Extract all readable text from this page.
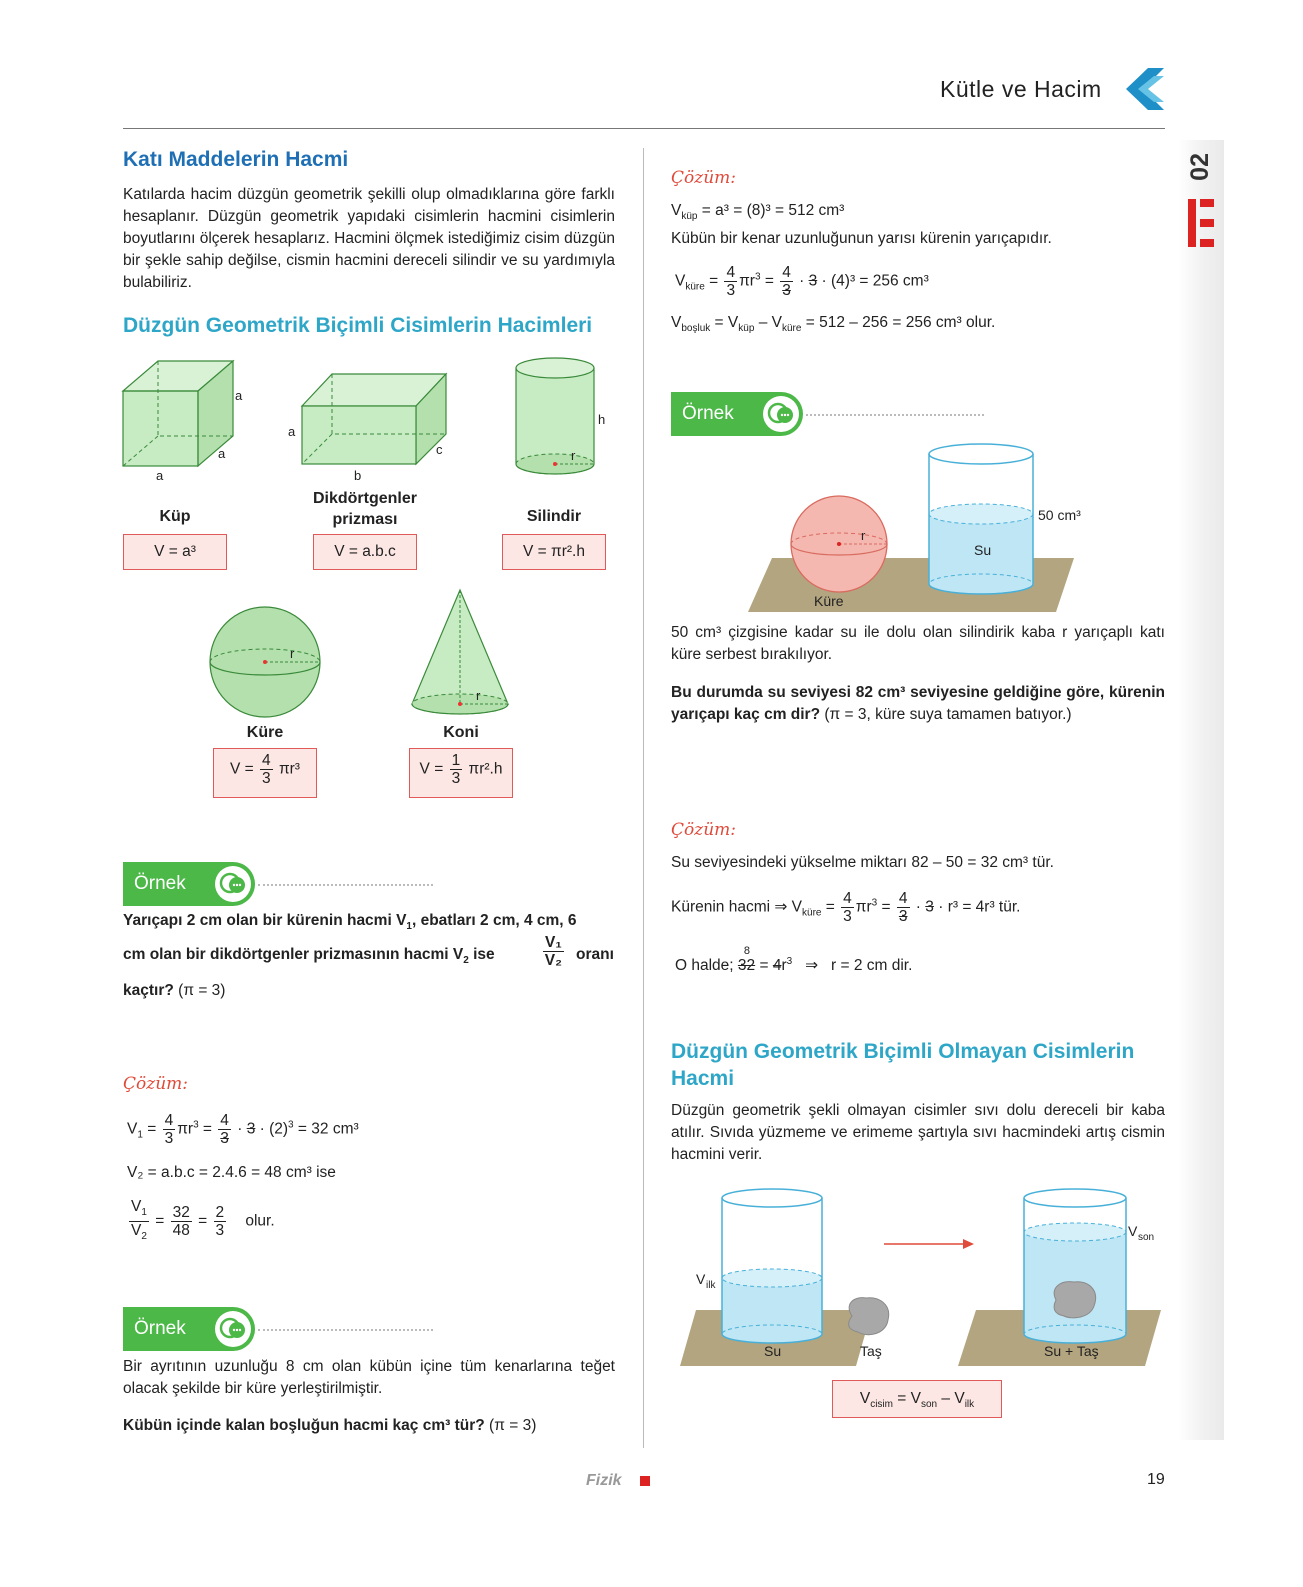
Kütle ve Hacim
02
Katı Maddelerin Hacmi
Katılarda hacim düzgün geometrik şekilli olup olmadıklarına göre farklı hesaplanır. Düzgün geometrik yapıdaki cisimlerin hacmini cisimlerin boyutlarını ölçerek hesaplarız. Hacmini ölçmek istediğimiz cisim düzgün bir şekle sahip değilse, cismin hacmini dereceli silindir ve su yardımıyla bulabiliriz.
Düzgün Geometrik Biçimli Cisimlerin Hacimleri
a
a
a
Küp
V = a³
a
c
b
Dikdörtgenler
prizması
V = a.b.c
h
r
Silindir
V = πr².h
r
Küre
$V = \frac{4}{3} \pi r^3$
r
Koni
$V = \frac{1}{3} \pi r^2.h$
Örnek
Yarıçapı 2 cm olan bir kürenin hacmi $V_1$, ebatları 2 cm, 4 cm, 6
cm olan bir dikdörtgenler prizmasının hacmi $V_2$ ise	$\frac{\text{V₁}}{\text{V₂}}$ oranı
kaçtır? (π = 3)
Çözüm:
$V_1 = \frac{4}{3} \pi r^3 = \frac{4}{3} \cdot 3 \cdot (2)^3 = 32$ cm³
V₂ = a.b.c = 2.4.6 = 48 cm³ ise
$\frac{V_1}{V_2} = \frac{32}{48} = \frac{2}{3}$ olur.
Örnek
Bir ayrıtının uzunluğu 8 cm olan kübün içine tüm kenarlarına teğet olacak şekilde bir küre yerleştirilmiştir.
Kübün içinde kalan boşluğun hacmi kaç cm³ tür? (π = 3)
Çözüm:
$V_{küp} = a^3 = (8)^3 = 512$ cm³
Kübün bir kenar uzunluğunun yarısı kürenin yarıçapıdır.
$V_{küre} = \frac{4}{3} \pi r^3 = \frac{4}{3} \cdot 3 \cdot (4)^3 = 256$ cm³
$V_{boşluk} = V_{küp} - V_{küre} = 512 - 256 = 256$ cm³ olur.
Örnek
r
Su
50 cm³
Küre
50 cm³ çizgisine kadar su ile dolu olan silindirik kaba r yarıçaplı katı küre serbest bırakılıyor.
Bu durumda su seviyesi 82 cm³ seviyesine geldiğine göre, kürenin yarıçapı kaç cm dir? (π = 3, küre suya tamamen batıyor.)
Çözüm:
Su seviyesindeki yükselme miktarı 82 – 50 = 32 cm³ tür.
Kürenin hacmi ⇒ $V_{küre} = \frac{4}{3} \pi r^3 = \frac{4}{3} \cdot 3 \cdot r^3 = 4r^3$ tür.
O halde;
8
$32 = 4r^3$   ⇒   r = 2 cm dir.
Düzgün Geometrik Biçimli Olmayan Cisimlerin
Hacmi
Düzgün geometrik şekli olmayan cisimler sıvı dolu dereceli bir kaba atılır. Sıvıda yüzmeme ve erimeme şartıyla sıvı hacmindeki artış cismin hacmini verir.
V ilk
V son
Su	Taş	Su + Taş
$V_{cisim} = V_{son} - V_{ilk}$
Fizik	19
